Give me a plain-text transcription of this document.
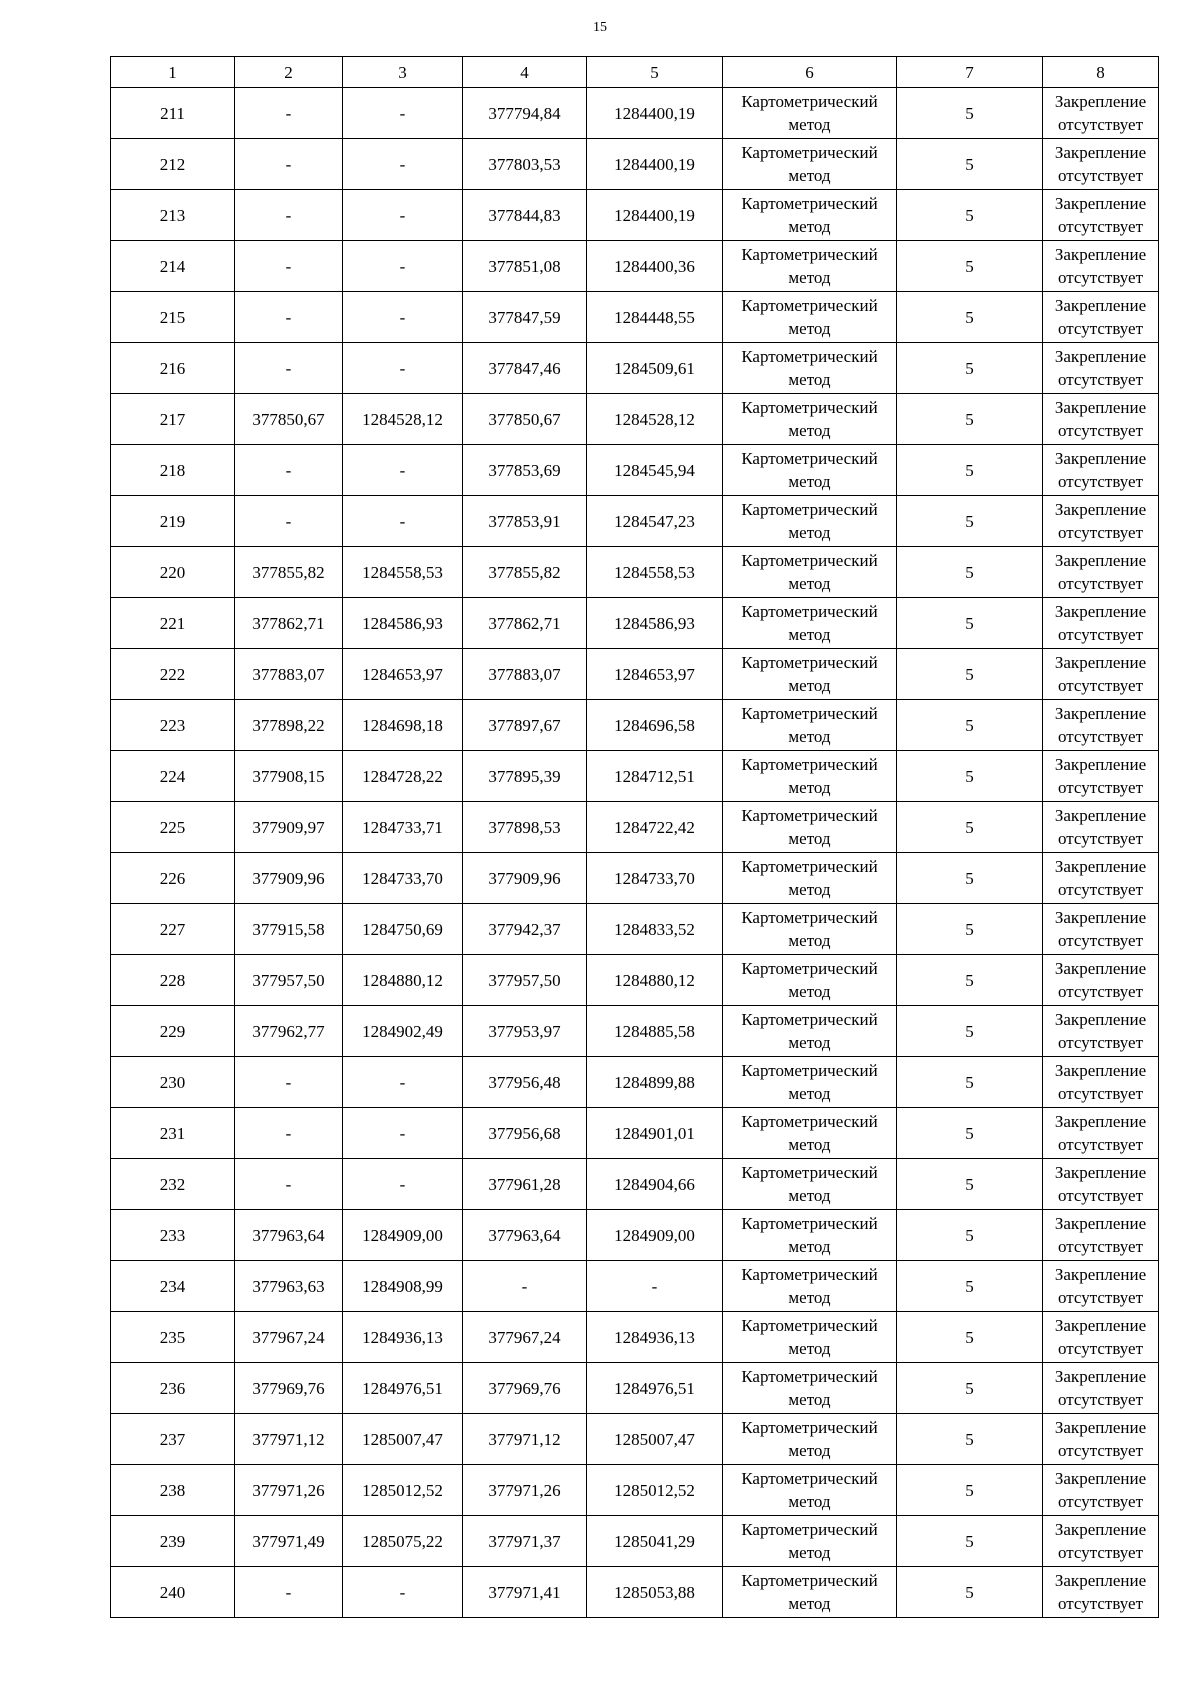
15
1	2	3	4	5	6	7	8
211	-	-	377794,84	1284400,19	Картометрический метод	5	Закрепление отсутствует
212	-	-	377803,53	1284400,19	Картометрический метод	5	Закрепление отсутствует
213	-	-	377844,83	1284400,19	Картометрический метод	5	Закрепление отсутствует
214	-	-	377851,08	1284400,36	Картометрический метод	5	Закрепление отсутствует
215	-	-	377847,59	1284448,55	Картометрический метод	5	Закрепление отсутствует
216	-	-	377847,46	1284509,61	Картометрический метод	5	Закрепление отсутствует
217	377850,67	1284528,12	377850,67	1284528,12	Картометрический метод	5	Закрепление отсутствует
218	-	-	377853,69	1284545,94	Картометрический метод	5	Закрепление отсутствует
219	-	-	377853,91	1284547,23	Картометрический метод	5	Закрепление отсутствует
220	377855,82	1284558,53	377855,82	1284558,53	Картометрический метод	5	Закрепление отсутствует
221	377862,71	1284586,93	377862,71	1284586,93	Картометрический метод	5	Закрепление отсутствует
222	377883,07	1284653,97	377883,07	1284653,97	Картометрический метод	5	Закрепление отсутствует
223	377898,22	1284698,18	377897,67	1284696,58	Картометрический метод	5	Закрепление отсутствует
224	377908,15	1284728,22	377895,39	1284712,51	Картометрический метод	5	Закрепление отсутствует
225	377909,97	1284733,71	377898,53	1284722,42	Картометрический метод	5	Закрепление отсутствует
226	377909,96	1284733,70	377909,96	1284733,70	Картометрический метод	5	Закрепление отсутствует
227	377915,58	1284750,69	377942,37	1284833,52	Картометрический метод	5	Закрепление отсутствует
228	377957,50	1284880,12	377957,50	1284880,12	Картометрический метод	5	Закрепление отсутствует
229	377962,77	1284902,49	377953,97	1284885,58	Картометрический метод	5	Закрепление отсутствует
230	-	-	377956,48	1284899,88	Картометрический метод	5	Закрепление отсутствует
231	-	-	377956,68	1284901,01	Картометрический метод	5	Закрепление отсутствует
232	-	-	377961,28	1284904,66	Картометрический метод	5	Закрепление отсутствует
233	377963,64	1284909,00	377963,64	1284909,00	Картометрический метод	5	Закрепление отсутствует
234	377963,63	1284908,99	-	-	Картометрический метод	5	Закрепление отсутствует
235	377967,24	1284936,13	377967,24	1284936,13	Картометрический метод	5	Закрепление отсутствует
236	377969,76	1284976,51	377969,76	1284976,51	Картометрический метод	5	Закрепление отсутствует
237	377971,12	1285007,47	377971,12	1285007,47	Картометрический метод	5	Закрепление отсутствует
238	377971,26	1285012,52	377971,26	1285012,52	Картометрический метод	5	Закрепление отсутствует
239	377971,49	1285075,22	377971,37	1285041,29	Картометрический метод	5	Закрепление отсутствует
240	-	-	377971,41	1285053,88	Картометрический метод	5	Закрепление отсутствует
